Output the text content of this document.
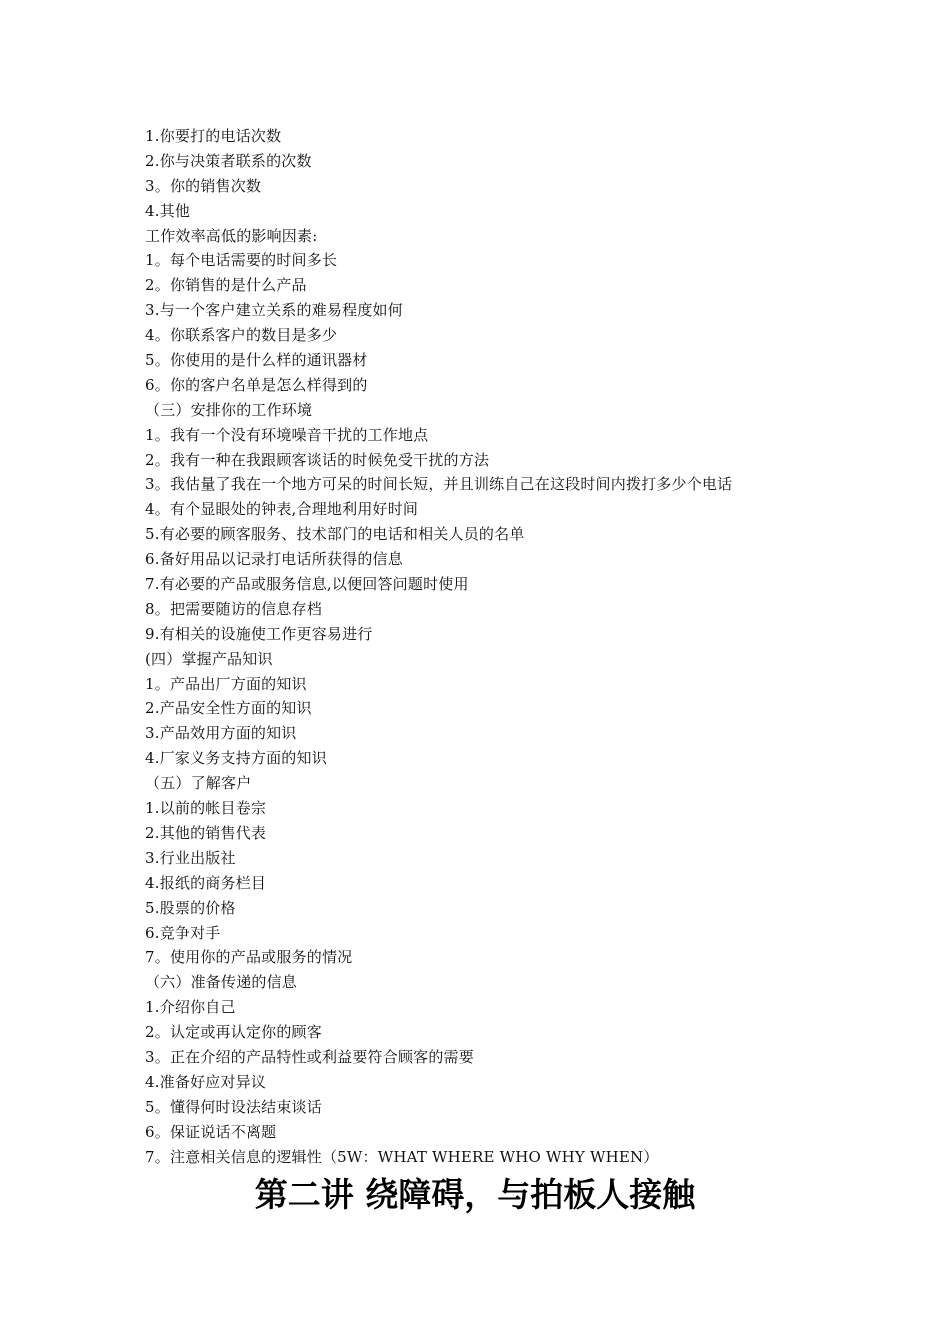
1.你要打的电话次数
2.你与决策者联系的次数
3。你的销售次数
4.其他
工作效率高低的影响因素:
1。每个电话需要的时间多长
2。你销售的是什么产品
3.与一个客户建立关系的难易程度如何
4。你联系客户的数目是多少
5。你使用的是什么样的通讯器材
6。你的客户名单是怎么样得到的
（三）安排你的工作环境
1。我有一个没有环境噪音干扰的工作地点
2。我有一种在我跟顾客谈话的时候免受干扰的方法
3。我估量了我在一个地方可呆的时间长短，并且训练自己在这段时间内拨打多少个电话
4。有个显眼处的钟表,合理地利用好时间
5.有必要的顾客服务、技术部门的电话和相关人员的名单
6.备好用品以记录打电话所获得的信息
7.有必要的产品或服务信息,以便回答问题时使用
8。把需要随访的信息存档
9.有相关的设施使工作更容易进行
(四）掌握产品知识
1。产品出厂方面的知识
2.产品安全性方面的知识
3.产品效用方面的知识
4.厂家义务支持方面的知识
（五）了解客户
1.以前的帐目卷宗
2.其他的销售代表
3.行业出版社
4.报纸的商务栏目
5.股票的价格
6.竞争对手
7。使用你的产品或服务的情况
（六）准备传递的信息
1.介绍你自己
2。认定或再认定你的顾客
3。正在介绍的产品特性或利益要符合顾客的需要
4.准备好应对异议
5。懂得何时设法结束谈话
6。保证说话不离题
7。注意相关信息的逻辑性（5W：WHAT WHERE WHO WHY WHEN）
第二讲 绕障碍，与拍板人接触
